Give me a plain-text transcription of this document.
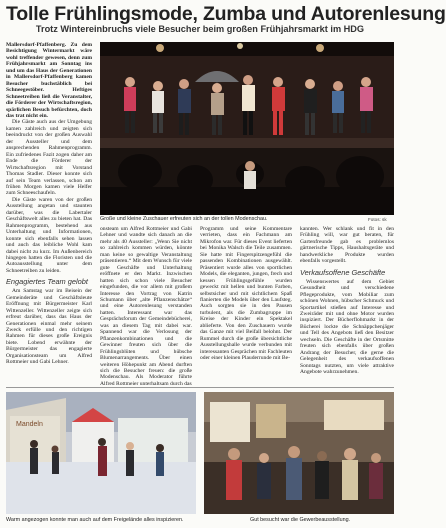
Tolle Frühlingsmode, Zumba und Autorenlesung
Trotz Wintereinbruchs viele Besucher beim großen Frühjahrsmarkt im HDG

Mallersdorf-Pfaffenberg. Zu dem Besichtigung Wintermarkt wäre wohl treffender gewesen, denn zum Frühjahrsmarkt am Sonntag ins und um das Haus der Generationen in Mallersdorf-Pfaffenberg kamen Besucher buchstäblich bei Schneegestöber. Heftiges Schneetreiben ließ die Veranstalter, die Förderer der Wirtschaftsregion, spärlichen Besuch befürchten, doch das trat nicht ein.

Die Gäste auch aus der Umgebung kamen zahlreich und zeigten sich beeindruckt von der großen Auswahl der Aussteller und dem ansprechenden Rahmenprogramm. Ein zufriedenes Fazit zogen daher am Ende die Förderer der Wirtschaftsregion mit Vorstand Thomas Stadler. Dieser konnte sich auf sein Team verlassen, schon am frühen Morgen kamen viele Helfer zum Schneeschaufeln.

Die Gäste waren von der großen Ausstellung angetan und staunten darüber, was die Labertaler Geschäftswelt alles zu bieten hat. Das Rahmenprogramm, bestehend aus Unterhaltung und Informationen, konnte sich ebenfalls sehen lassen und auch das leibliche Wohl kam dabei nicht zu kurz. Im Außenbereich hingegen hatten die Floristen und die Autoausstellung unter dem Schneetreiben zu leiden.

Engagiertes Team gelobt

Am Samstag war im Beisein der Gemeinderäte und Geschäftsleute Eröffnung mit Bürgermeister Karl Wittenzeller. Wittenzeller zeigte sich erfreut darüber, dass das Haus der Generationen einmal mehr seinem Zweck erfülle und den richtigen Rahmen für dieses große Ereignis biete. Lobend erwähnte der Bürgermeister das engagierte Organisationsteam um Alfred Rottmeier und Gabi Lehner.

Große und kleine Zuschauer erfreuten sich an der tollen Modenschau.	Fotos: sk

onsteam um Alfred Rottmeier und Gabi Lehner und wandte sich danach an die mehr als 40 Aussteller: „Wenn Sie nicht so zahlreich kommen würden, könnte man keine so gewaltige Veranstaltung präsentieren.“ Mit dem Wunsch für viele gute Geschäfte und Unterhaltung eröffnete er den Markt. Inzwischen hatten sich schon viele Besucher eingefunden, die vor allem mit großem Interesse den Vortrag von Katrin Schumann über „alte Pflanzenschätze“ und eine Autorenlesung verstanden hatten. Interessant war das Gesprächsforum der Gemeindebücherei, was an diesem Tag mit dabei war. Spannend war die Verlosung der Pflanzenkombinationen und die Gewinner freuten sich über die Frühlingsblüten und hübsche Blumenarrangements. Über einen weiteren Höhepunkt am Abend durften sich die Besucher freuen: die große Modenschau. Als Moderator führte Alfred Rottmeier unterhaltsam durch das

Programm und seine Kommentare verrieten, dass ein Fachmann am Mikrofon war. Für dieses Event lieferten bei Monika Walsch die Teile zusammen. Sie hatte mit Fingerspitzengefühl die passenden Kombinationen ausgewählt. Präsentiert wurde alles von sportlichen Models, die eleganten, jungen, frech und kessen Frühlingsgefühle wurden geweckt mit hellen und bunten Farben, selbstsicher und mit sichtlichem Spaß flanierten die Models über den Laufsteg. Auch sorgten sie in den Pausen turbulent, als die Zumbagruppe im Kreise der Kinder ein Spektakel ablieferte. Von den Zuschauern wurde das Ganze mit viel Beifall belohnt. Der Rummel durch die große übersichtliche Ausstellungshalle wurde verbunden mit interessanten Gesprächen mit Fachleuten oder einer kleinen Plauderrunde mit Be-

kannten. Wer schlank und fit in den Frühling will, war gut beraten, für Gartenfreunde gab es problemlos gärtnerische Tipps, Haushaltsgeräte und handwerkliche Produkte wurden ebenfalls vorgestellt.

Verkaufsoffene Geschäfte

Wissenswertes auf dem Gebiet Gesundheit und verschiedene Pflegeprodukte, vom Mobiliar zum schönen Wohnen, hübscher Schmuck und Sportartikel stießen auf Interesse und Zweiräder mit und ohne Motor wurden inspiziert. Der Bücherflohmarkt in der Bücherei lockte die Schnäppchenjäger und Tell des Angebots ließ den Besitzer wechseln. Die Geschäfte in der Ortsmitte freuten sich ebenfalls über großen Andrang der Besucher, die gerne die Gelegenheit des verkaufsoffenen Sonntags nutzten, um viele attraktive Angebote wahrzunehmen.

Mandeln
Warm angezogen konnte man auch auf dem Freigelände alles inspizieren.	Gut besucht war die Gewerbeausstellung.
